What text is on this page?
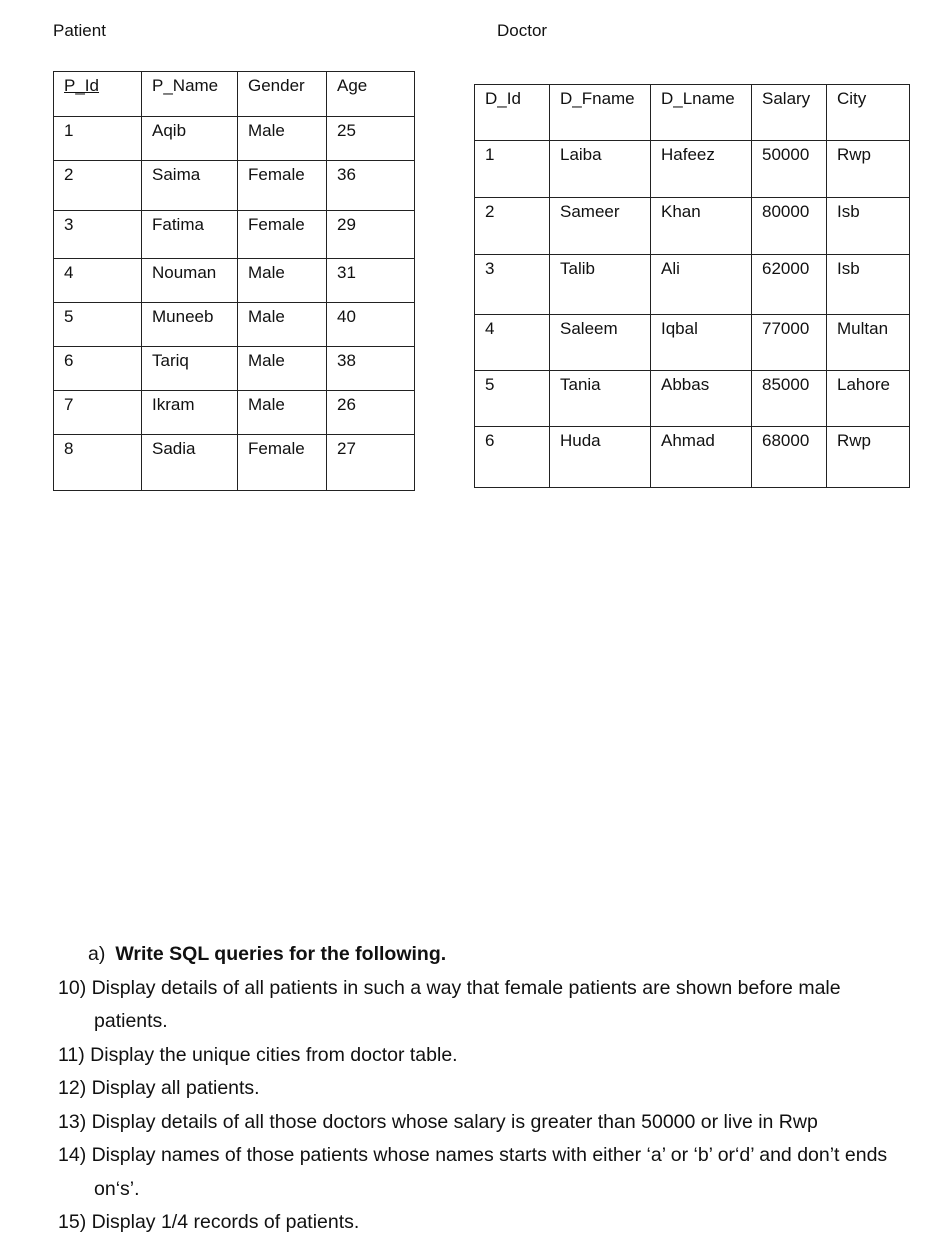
Patient	Doctor
P_Id	P_Name	Gender	Age
1	Aqib	Male	25
2	Saima	Female	36
3	Fatima	Female	29
4	Nouman	Male	31
5	Muneeb	Male	40
6	Tariq	Male	38
7	Ikram	Male	26
8	Sadia	Female	27
D_Id	D_Fname	D_Lname	Salary	City
1	Laiba	Hafeez	50000	Rwp
2	Sameer	Khan	80000	Isb
3	Talib	Ali	62000	Isb
4	Saleem	Iqbal	77000	Multan
5	Tania	Abbas	85000	Lahore
6	Huda	Ahmad	68000	Rwp
a) Write SQL queries for the following.
10) Display details of all patients in such a way that female patients are shown before male patients.
11) Display the unique cities from doctor table.
12) Display all patients.
13) Display details of all those doctors whose salary is greater than 50000 or live in Rwp
14) Display names of those patients whose names starts with either ‘a’ or ‘b’ or‘d’ and don’t ends on‘s’.
15) Display 1/4 records of patients.
